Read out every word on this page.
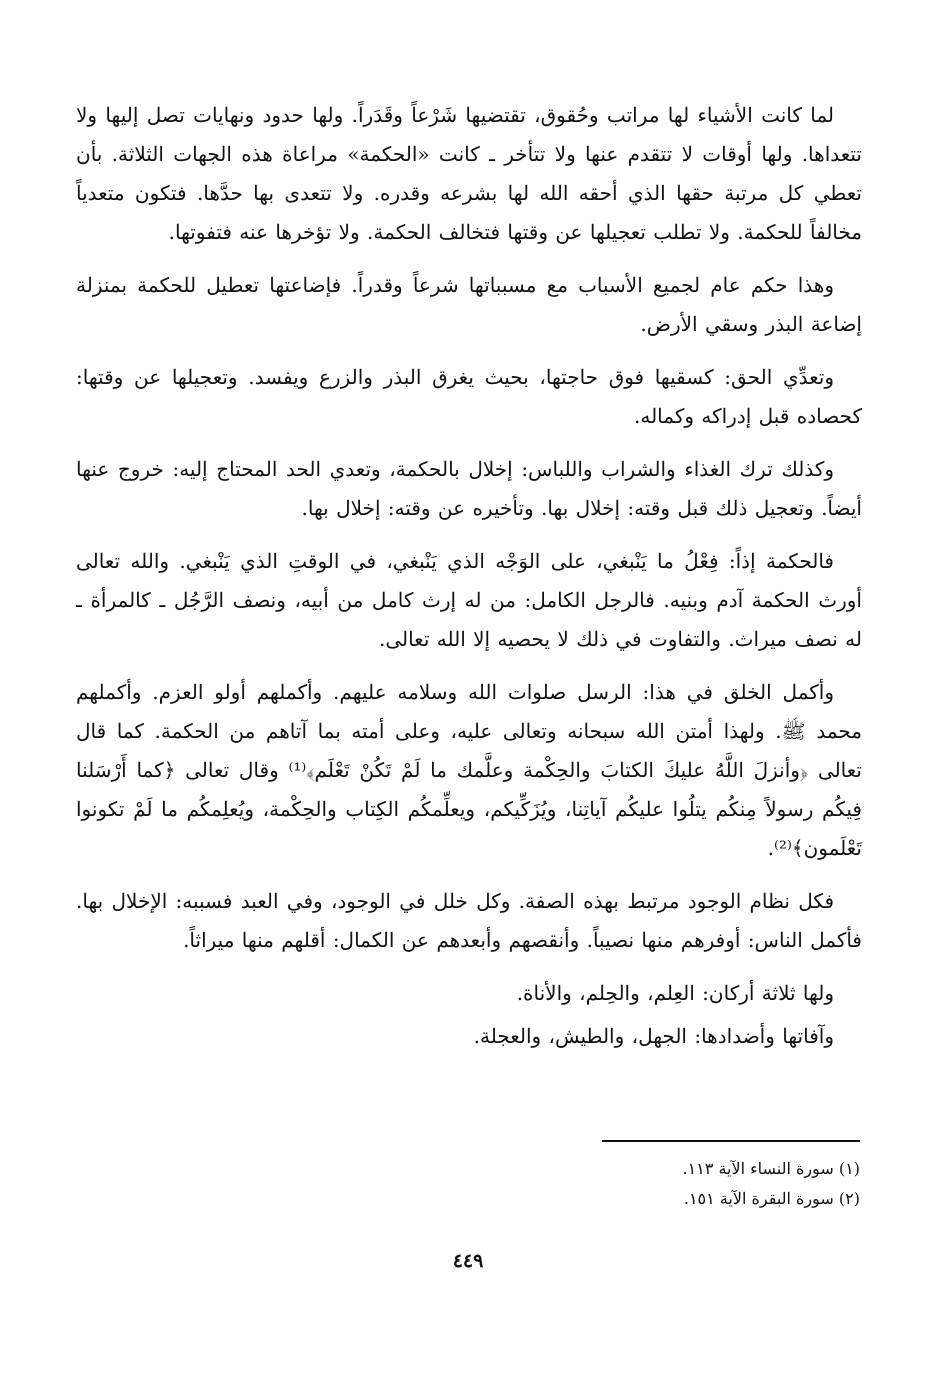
لما كانت الأشياء لها مراتب وحُقوق، تقتضيها شَرْعاً وقَدَراً. ولها حدود ونهايات تصل إليها ولا تتعداها. ولها أوقات لا تتقدم عنها ولا تتأخر ـ كانت «الحكمة» مراعاة هذه الجهات الثلاثة. بأن تعطي كل مرتبة حقها الذي أحقه الله لها بشرعه وقدره. ولا تتعدى بها حدَّها. فتكون متعدياً مخالفاً للحكمة. ولا تطلب تعجيلها عن وقتها فتخالف الحكمة. ولا تؤخرها عنه فتفوتها.

وهذا حكم عام لجميع الأسباب مع مسبباتها شرعاً وقدراً. فإضاعتها تعطيل للحكمة بمنزلة إضاعة البذر وسقي الأرض.

وتعدِّي الحق: كسقيها فوق حاجتها، بحيث يغرق البذر والزرع ويفسد. وتعجيلها عن وقتها: كحصاده قبل إدراكه وكماله.

وكذلك ترك الغذاء والشراب واللباس: إخلال بالحكمة، وتعدي الحد المحتاج إليه: خروج عنها أيضاً. وتعجيل ذلك قبل وقته: إخلال بها. وتأخيره عن وقته: إخلال بها.

فالحكمة إذاً: فِعْلُ ما يَنْبغي، على الوَجْه الذي يَنْبغي، في الوقتِ الذي يَنْبغي. والله تعالى أورث الحكمة آدم وبنيه. فالرجل الكامل: من له إرث كامل من أبيه، ونصف الرَّجُل ـ كالمرأة ـ له نصف ميراث. والتفاوت في ذلك لا يحصيه إلا الله تعالى.

وأكمل الخلق في هذا: الرسل صلوات الله وسلامه عليهم. وأكملهم أولو العزم. وأكملهم محمد ﷺ. ولهذا أمتن الله سبحانه وتعالى عليه، وعلى أمته بما آتاهم من الحكمة. كما قال تعالى ﴿وأنزلَ اللَّهُ عليكَ الكتابَ والحِكْمة وعلَّمك ما لَمْ تَكُنْ تَعْلَم﴾⁽¹⁾ وقال تعالى ﴿كما أَرْسَلنا فِيكُم رسولاً مِنكُم يتلُوا عليكُم آياتِنا، ويُزَكِّيكم، ويعلِّمكُم الكِتاب والحِكْمة، ويُعلِمكُم ما لَمْ تكونوا تَعْلَمون﴾⁽²⁾.

فكل نظام الوجود مرتبط بهذه الصفة. وكل خلل في الوجود، وفي العبد فسببه: الإخلال بها. فأكمل الناس: أوفرهم منها نصيباً. وأنقصهم وأبعدهم عن الكمال: أقلهم منها ميراثاً.

ولها ثلاثة أركان: العِلم، والحِلم، والأناة.

وآفاتها وأضدادها: الجهل، والطيش، والعجلة.

(١) سورة النساء الآية ١١٣.

(٢) سورة البقرة الآية ١٥١.

٤٤٩
